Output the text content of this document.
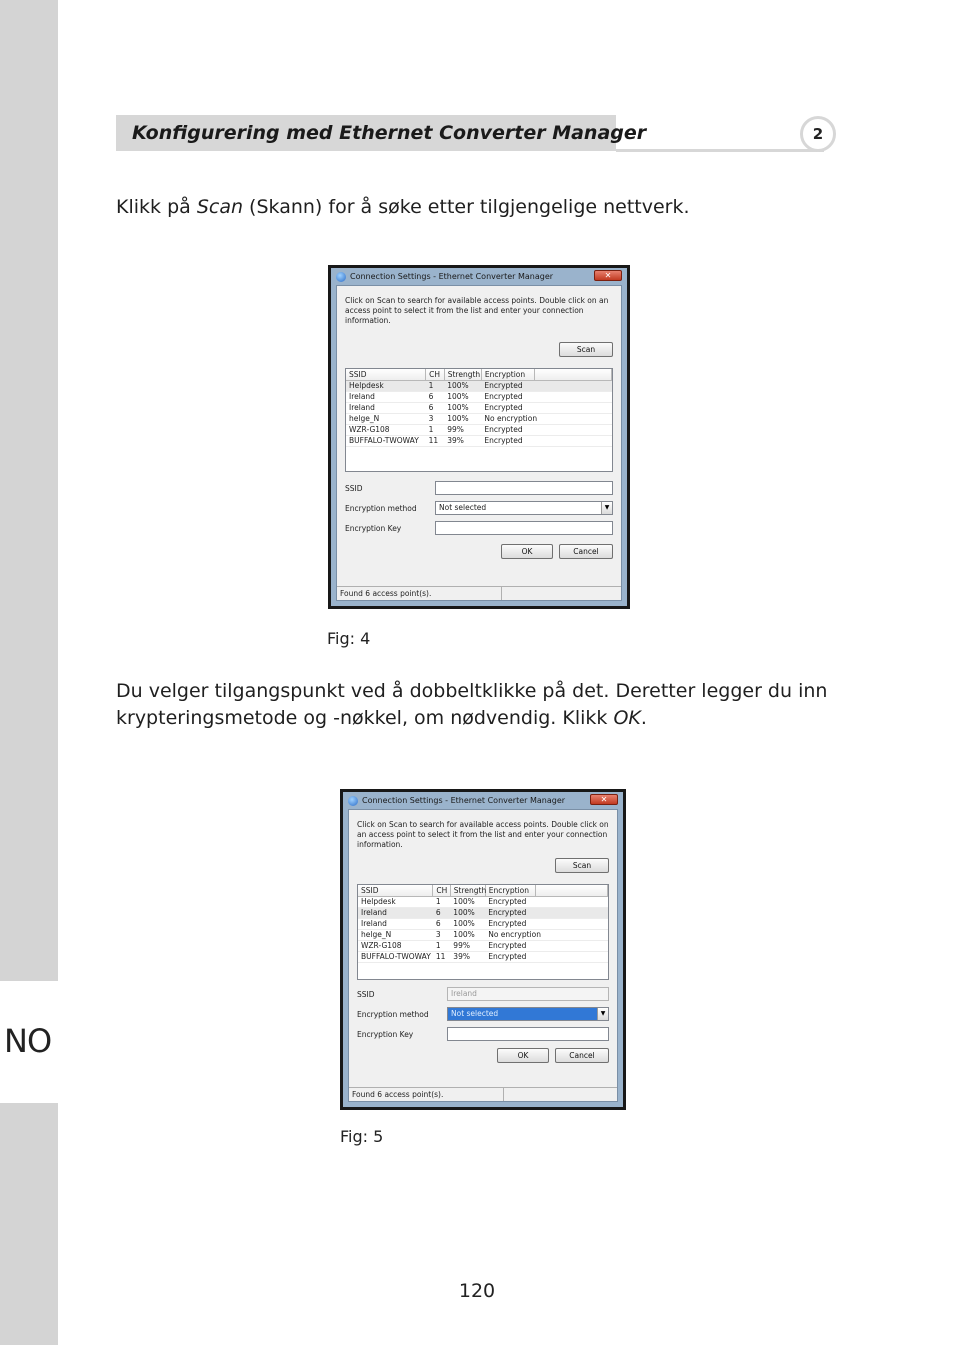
NO
Konfigurering med Ethernet Converter Manager	2

Klikk på Scan (Skann) for å søke etter tilgjengelige nettverk.

Connection Settings - Ethernet Converter Manager	✕
Click on Scan to search for available access points. Double click on an access point to select it from the list and enter your connection information.
Scan
SSID	CH	Strength	Encryption	
Helpdesk	1	100%	Encrypted	
Ireland	6	100%	Encrypted	
Ireland	6	100%	Encrypted	
helge_N	3	100%	No encryption	
WZR-G108	1	99%	Encrypted	
BUFFALO-TWOWAY	11	39%	Encrypted	
SSID
Encryption method	Not selected	▼
Encryption Key
OK	Cancel
Found 6 access point(s).
Fig: 4

Du velger tilgangspunkt ved å dobbeltklikke på det. Deretter legger du inn krypteringsmetode og -nøkkel, om nødvendig. Klikk OK.

Connection Settings - Ethernet Converter Manager	✕
Click on Scan to search for available access points. Double click on an access point to select it from the list and enter your connection information.
Scan
SSID	CH	Strength	Encryption	
Helpdesk	1	100%	Encrypted	
Ireland	6	100%	Encrypted	
Ireland	6	100%	Encrypted	
helge_N	3	100%	No encryption	
WZR-G108	1	99%	Encrypted	
BUFFALO-TWOWAY	11	39%	Encrypted	
SSID	Ireland
Encryption method	Not selected	▼
Encryption Key
OK	Cancel
Found 6 access point(s).
Fig: 5
120
